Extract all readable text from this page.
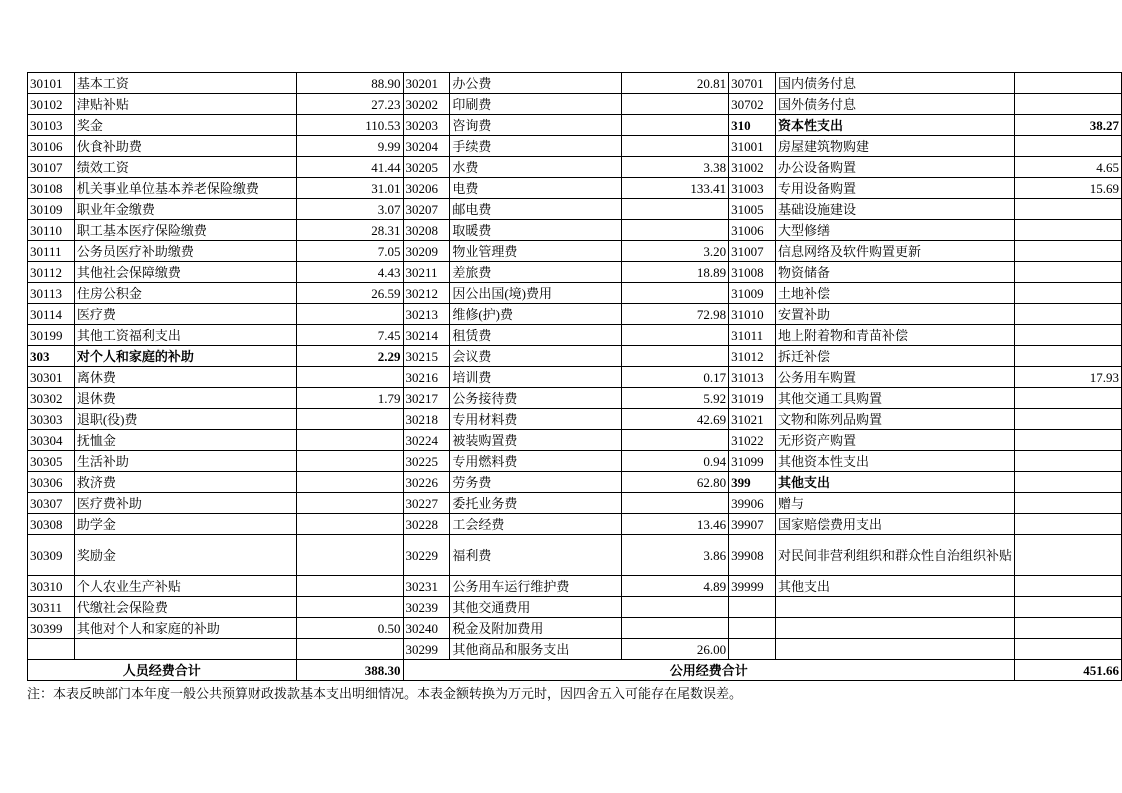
30101	基本工资	88.90	30201	办公费	20.81	30701	国内债务付息	
30102	津贴补贴	27.23	30202	印刷费		30702	国外债务付息	
30103	奖金	110.53	30203	咨询费		310	资本性支出	38.27
30106	伙食补助费	9.99	30204	手续费		31001	房屋建筑物购建	
30107	绩效工资	41.44	30205	水费	3.38	31002	办公设备购置	4.65
30108	机关事业单位基本养老保险缴费	31.01	30206	电费	133.41	31003	专用设备购置	15.69
30109	职业年金缴费	3.07	30207	邮电费		31005	基础设施建设	
30110	职工基本医疗保险缴费	28.31	30208	取暖费		31006	大型修缮	
30111	公务员医疗补助缴费	7.05	30209	物业管理费	3.20	31007	信息网络及软件购置更新	
30112	其他社会保障缴费	4.43	30211	差旅费	18.89	31008	物资储备	
30113	住房公积金	26.59	30212	因公出国(境)费用		31009	土地补偿	
30114	医疗费		30213	维修(护)费	72.98	31010	安置补助	
30199	其他工资福利支出	7.45	30214	租赁费		31011	地上附着物和青苗补偿	
303	对个人和家庭的补助	2.29	30215	会议费		31012	拆迁补偿	
30301	离休费		30216	培训费	0.17	31013	公务用车购置	17.93
30302	退休费	1.79	30217	公务接待费	5.92	31019	其他交通工具购置	
30303	退职(役)费		30218	专用材料费	42.69	31021	文物和陈列品购置	
30304	抚恤金		30224	被装购置费		31022	无形资产购置	
30305	生活补助		30225	专用燃料费	0.94	31099	其他资本性支出	
30306	救济费		30226	劳务费	62.80	399	其他支出	
30307	医疗费补助		30227	委托业务费		39906	赠与	
30308	助学金		30228	工会经费	13.46	39907	国家赔偿费用支出	
30309	奖励金		30229	福利费	3.86	39908	对民间非营利组织和群众性自治组织补贴	
30310	个人农业生产补贴		30231	公务用车运行维护费	4.89	39999	其他支出	
30311	代缴社会保险费		30239	其他交通费用				
30399	其他对个人和家庭的补助	0.50	30240	税金及附加费用				
			30299	其他商品和服务支出	26.00			
人员经费合计		388.30	公用经费合计					451.66
注：本表反映部门本年度一般公共预算财政拨款基本支出明细情况。本表金额转换为万元时，因四舍五入可能存在尾数误差。
